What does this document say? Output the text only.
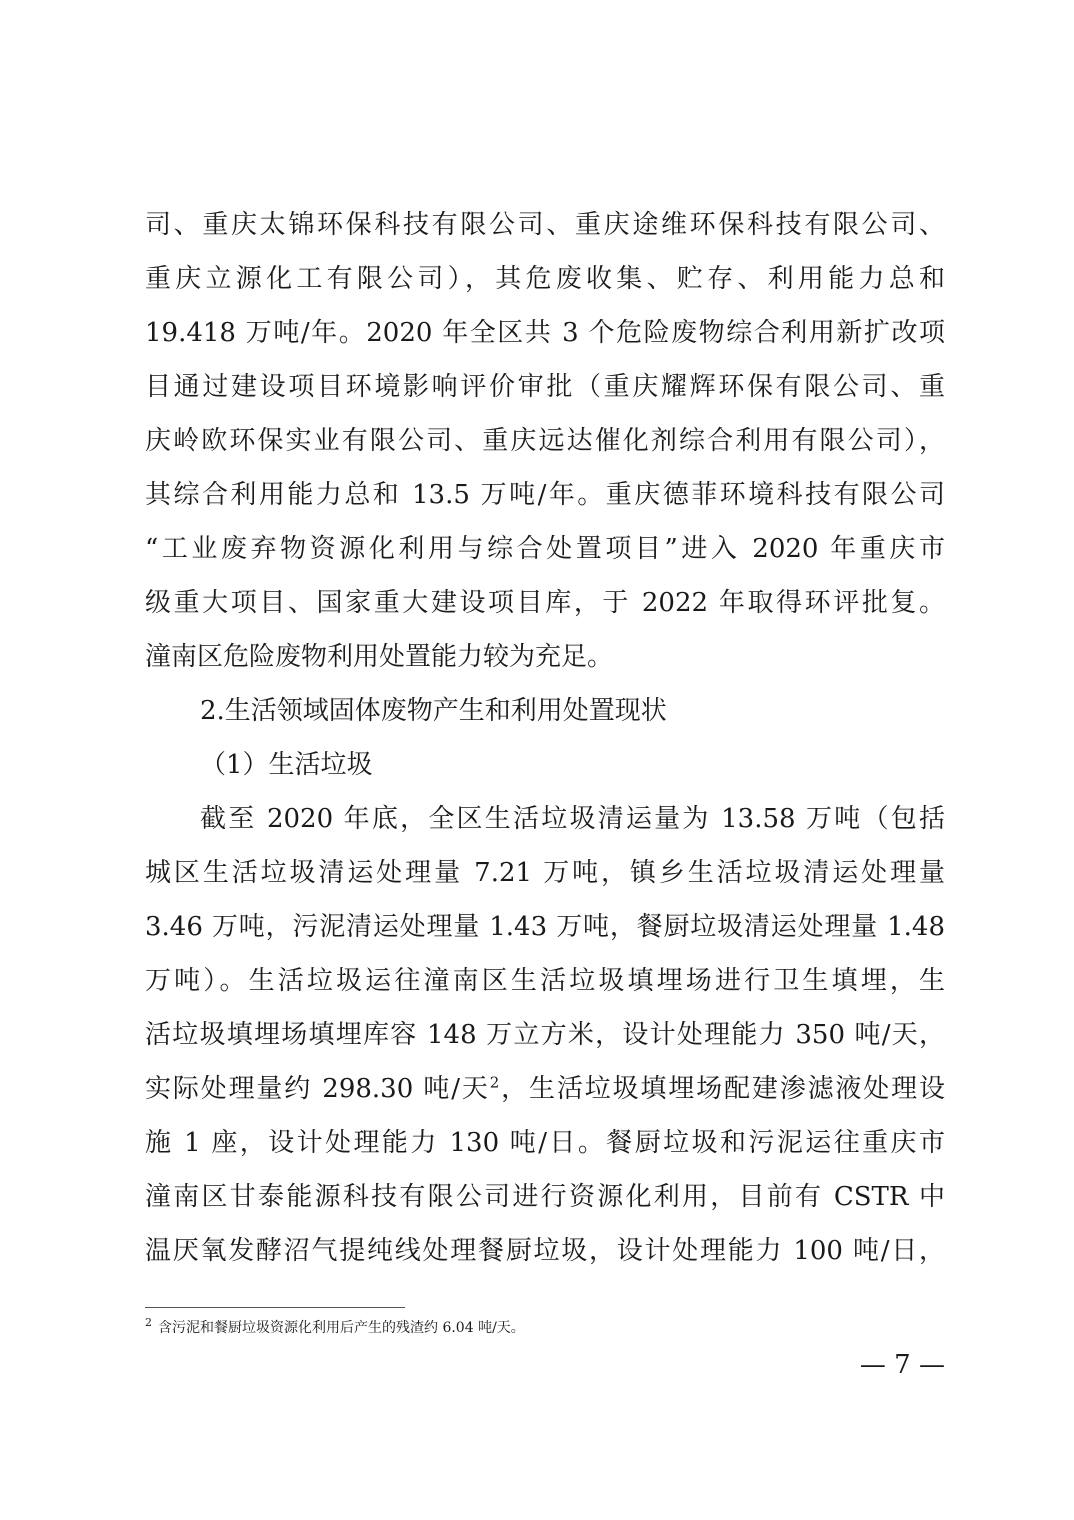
司、重庆太锦环保科技有限公司、重庆途维环保科技有限公司、
重庆立源化工有限公司），其危废收集、贮存、利用能力总和
19.418 万吨/年。2020 年全区共 3 个危险废物综合利用新扩改项
目通过建设项目环境影响评价审批（重庆耀辉环保有限公司、重
庆岭欧环保实业有限公司、重庆远达催化剂综合利用有限公司），
其综合利用能力总和 13.5 万吨/年。重庆德菲环境科技有限公司
“工业废弃物资源化利用与综合处置项目”进入 2020 年重庆市
级重大项目、国家重大建设项目库，于 2022 年取得环评批复。
潼南区危险废物利用处置能力较为充足。
2.生活领域固体废物产生和利用处置现状
（1）生活垃圾
截至 2020 年底，全区生活垃圾清运量为 13.58 万吨（包括
城区生活垃圾清运处理量 7.21 万吨，镇乡生活垃圾清运处理量
3.46 万吨，污泥清运处理量 1.43 万吨，餐厨垃圾清运处理量 1.48
万吨）。生活垃圾运往潼南区生活垃圾填埋场进行卫生填埋，生
活垃圾填埋场填埋库容 148 万立方米，设计处理能力 350 吨/天，
实际处理量约 298.30 吨/天$^2$，生活垃圾填埋场配建渗滤液处理设
施 1 座，设计处理能力 130 吨/日。餐厨垃圾和污泥运往重庆市
潼南区甘泰能源科技有限公司进行资源化利用，目前有 CSTR 中
温厌氧发酵沼气提纯线处理餐厨垃圾，设计处理能力 100 吨/日，
$^2$ 含污泥和餐厨垃圾资源化利用后产生的残渣约 6.04 吨/天。
— 7 —
